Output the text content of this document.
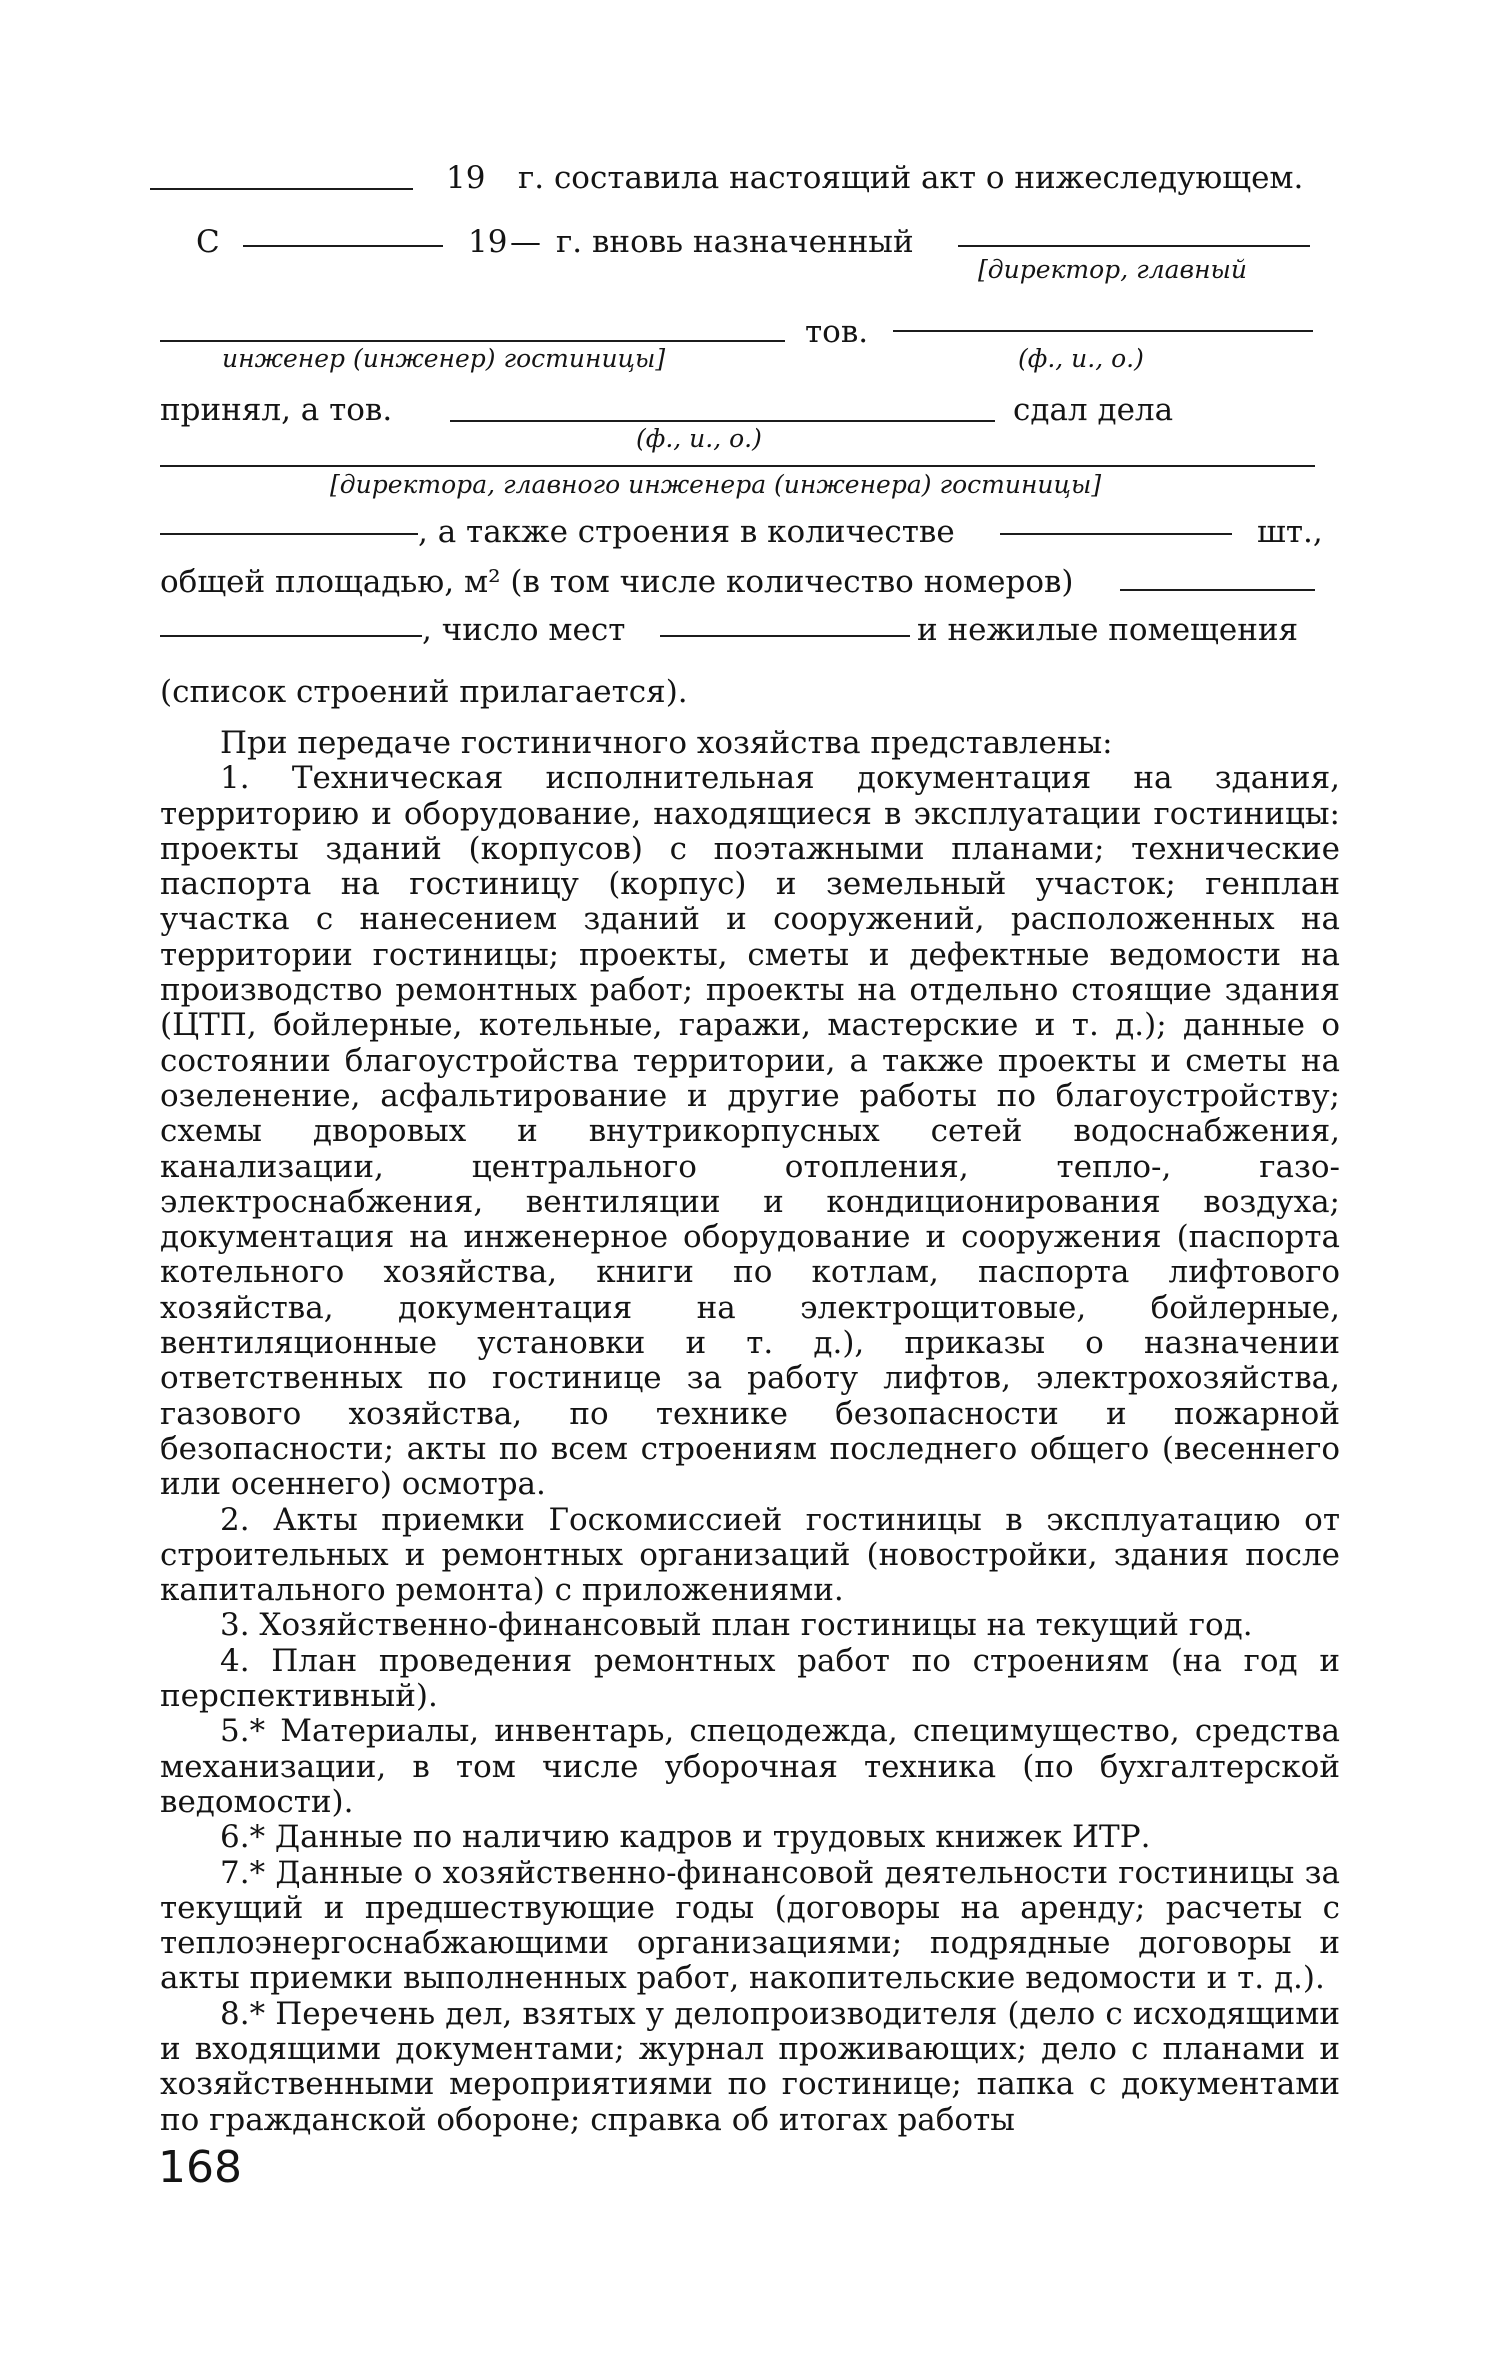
19 г. составила настоящий акт о нижеследующем.
С	19 — г. вновь назначенный
[директор, главный
тов.
инженер (инженер) гостиницы]	(ф., и., о.)
принял, а тов.	сдал дела
(ф., и., о.)
[директора, главного инженера (инженера) гостиницы]
, а также строения в количестве	шт.,
общей площадью, м² (в том числе количество номеров)
, число мест	и нежилые помещения
(список строений прилагается).

При передаче гостиничного хозяйства представлены:

1. Техническая исполнительная документация на здания, территорию и оборудование, находящиеся в эксплуатации гостиницы: проекты зданий (корпусов) с поэтажными планами; технические паспорта на гостиницу (корпус) и земельный участок; генплан участка с нанесением зданий и сооружений, расположенных на территории гостиницы; проекты, сметы и дефектные ведомости на производство ремонтных работ; проекты на отдельно стоящие здания (ЦТП, бойлерные, котельные, гаражи, мастерские и т. д.); данные о состоянии благоустройства территории, а также проекты и сметы на озеленение, асфальтирование и другие работы по благоустройству; схемы дворовых и внутрикорпусных сетей водоснабжения, канализации, центрального отопления, тепло-, газо-электроснабжения, вентиляции и кондиционирования воздуха; документация на инженерное оборудование и сооружения (паспорта котельного хозяйства, книги по котлам, паспорта лифтового хозяйства, документация на электрощитовые, бойлерные, вентиляционные установки и т. д.), приказы о назначении ответственных по гостинице за работу лифтов, электрохозяйства, газового хозяйства, по технике безопасности и пожарной безопасности; акты по всем строениям последнего общего (весеннего или осеннего) осмотра.

2. Акты приемки Госкомиссией гостиницы в эксплуатацию от строительных и ремонтных организаций (новостройки, здания после капитального ремонта) с приложениями.

3. Хозяйственно-финансовый план гостиницы на текущий год.

4. План проведения ремонтных работ по строениям (на год и перспективный).

5.* Материалы, инвентарь, спецодежда, специмущество, средства механизации, в том числе уборочная техника (по бухгалтерской ведомости).

6.* Данные по наличию кадров и трудовых книжек ИТР.

7.* Данные о хозяйственно-финансовой деятельности гостиницы за текущий и предшествующие годы (договоры на аренду; расчеты с теплоэнергоснабжающими организациями; подрядные договоры и акты приемки выполненных работ, накопительские ведомости и т. д.).

8.* Перечень дел, взятых у делопроизводителя (дело с исходящими и входящими документами; журнал проживающих; дело с планами и хозяйственными мероприятиями по гостинице; папка с документами по гражданской обороне; справка об итогах работы

168
